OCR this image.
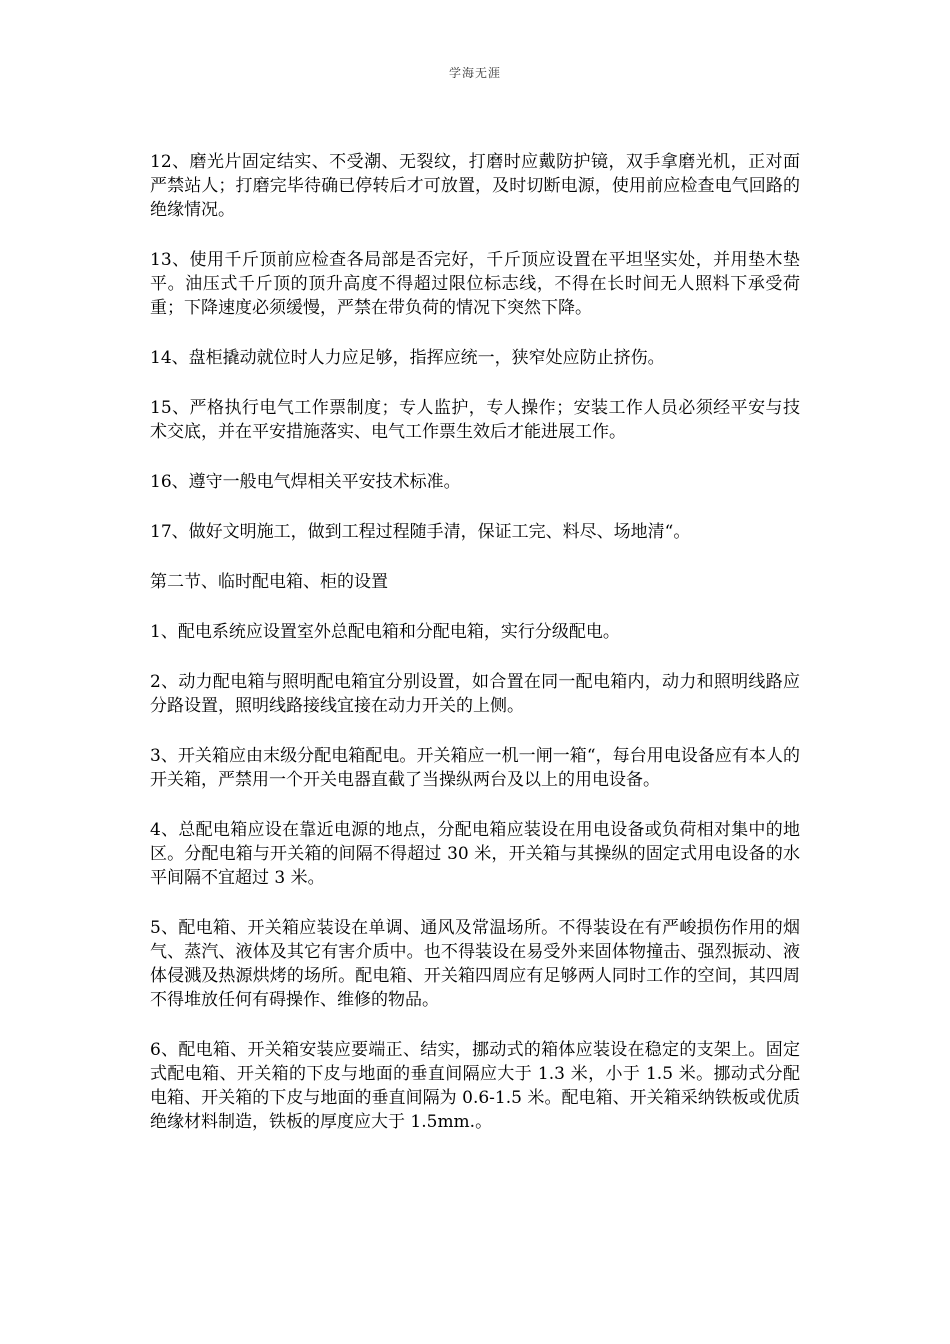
学海无涯

12、磨光片固定结实、不受潮、无裂纹，打磨时应戴防护镜，双手拿磨光机，正对面严禁站人；打磨完毕待确已停转后才可放置，及时切断电源，使用前应检查电气回路的绝缘情况。

13、使用千斤顶前应检查各局部是否完好，千斤顶应设置在平坦坚实处，并用垫木垫平。油压式千斤顶的顶升高度不得超过限位标志线，不得在长时间无人照料下承受荷重；下降速度必须缓慢，严禁在带负荷的情况下突然下降。

14、盘柜撬动就位时人力应足够，指挥应统一，狭窄处应防止挤伤。

15、严格执行电气工作票制度；专人监护，专人操作；安装工作人员必须经平安与技术交底，并在平安措施落实、电气工作票生效后才能进展工作。

16、遵守一般电气焊相关平安技术标准。

17、做好文明施工，做到工程过程随手清，保证工完、料尽、场地清“。

第二节、临时配电箱、柜的设置

1、配电系统应设置室外总配电箱和分配电箱，实行分级配电。

2、动力配电箱与照明配电箱宜分别设置，如合置在同一配电箱内，动力和照明线路应分路设置，照明线路接线宜接在动力开关的上侧。

3、开关箱应由末级分配电箱配电。开关箱应一机一闸一箱“，每台用电设备应有本人的开关箱，严禁用一个开关电器直截了当操纵两台及以上的用电设备。

4、总配电箱应设在靠近电源的地点，分配电箱应装设在用电设备或负荷相对集中的地区。分配电箱与开关箱的间隔不得超过 30 米，开关箱与其操纵的固定式用电设备的水平间隔不宜超过 3 米。

5、配电箱、开关箱应装设在单调、通风及常温场所。不得装设在有严峻损伤作用的烟气、蒸汽、液体及其它有害介质中。也不得装设在易受外来固体物撞击、强烈振动、液体侵溅及热源烘烤的场所。配电箱、开关箱四周应有足够两人同时工作的空间，其四周不得堆放任何有碍操作、维修的物品。

6、配电箱、开关箱安装应要端正、结实，挪动式的箱体应装设在稳定的支架上。固定式配电箱、开关箱的下皮与地面的垂直间隔应大于 1.3 米，小于 1.5 米。挪动式分配电箱、开关箱的下皮与地面的垂直间隔为 0.6-1.5 米。配电箱、开关箱采纳铁板或优质绝缘材料制造，铁板的厚度应大于 1.5mm.。
